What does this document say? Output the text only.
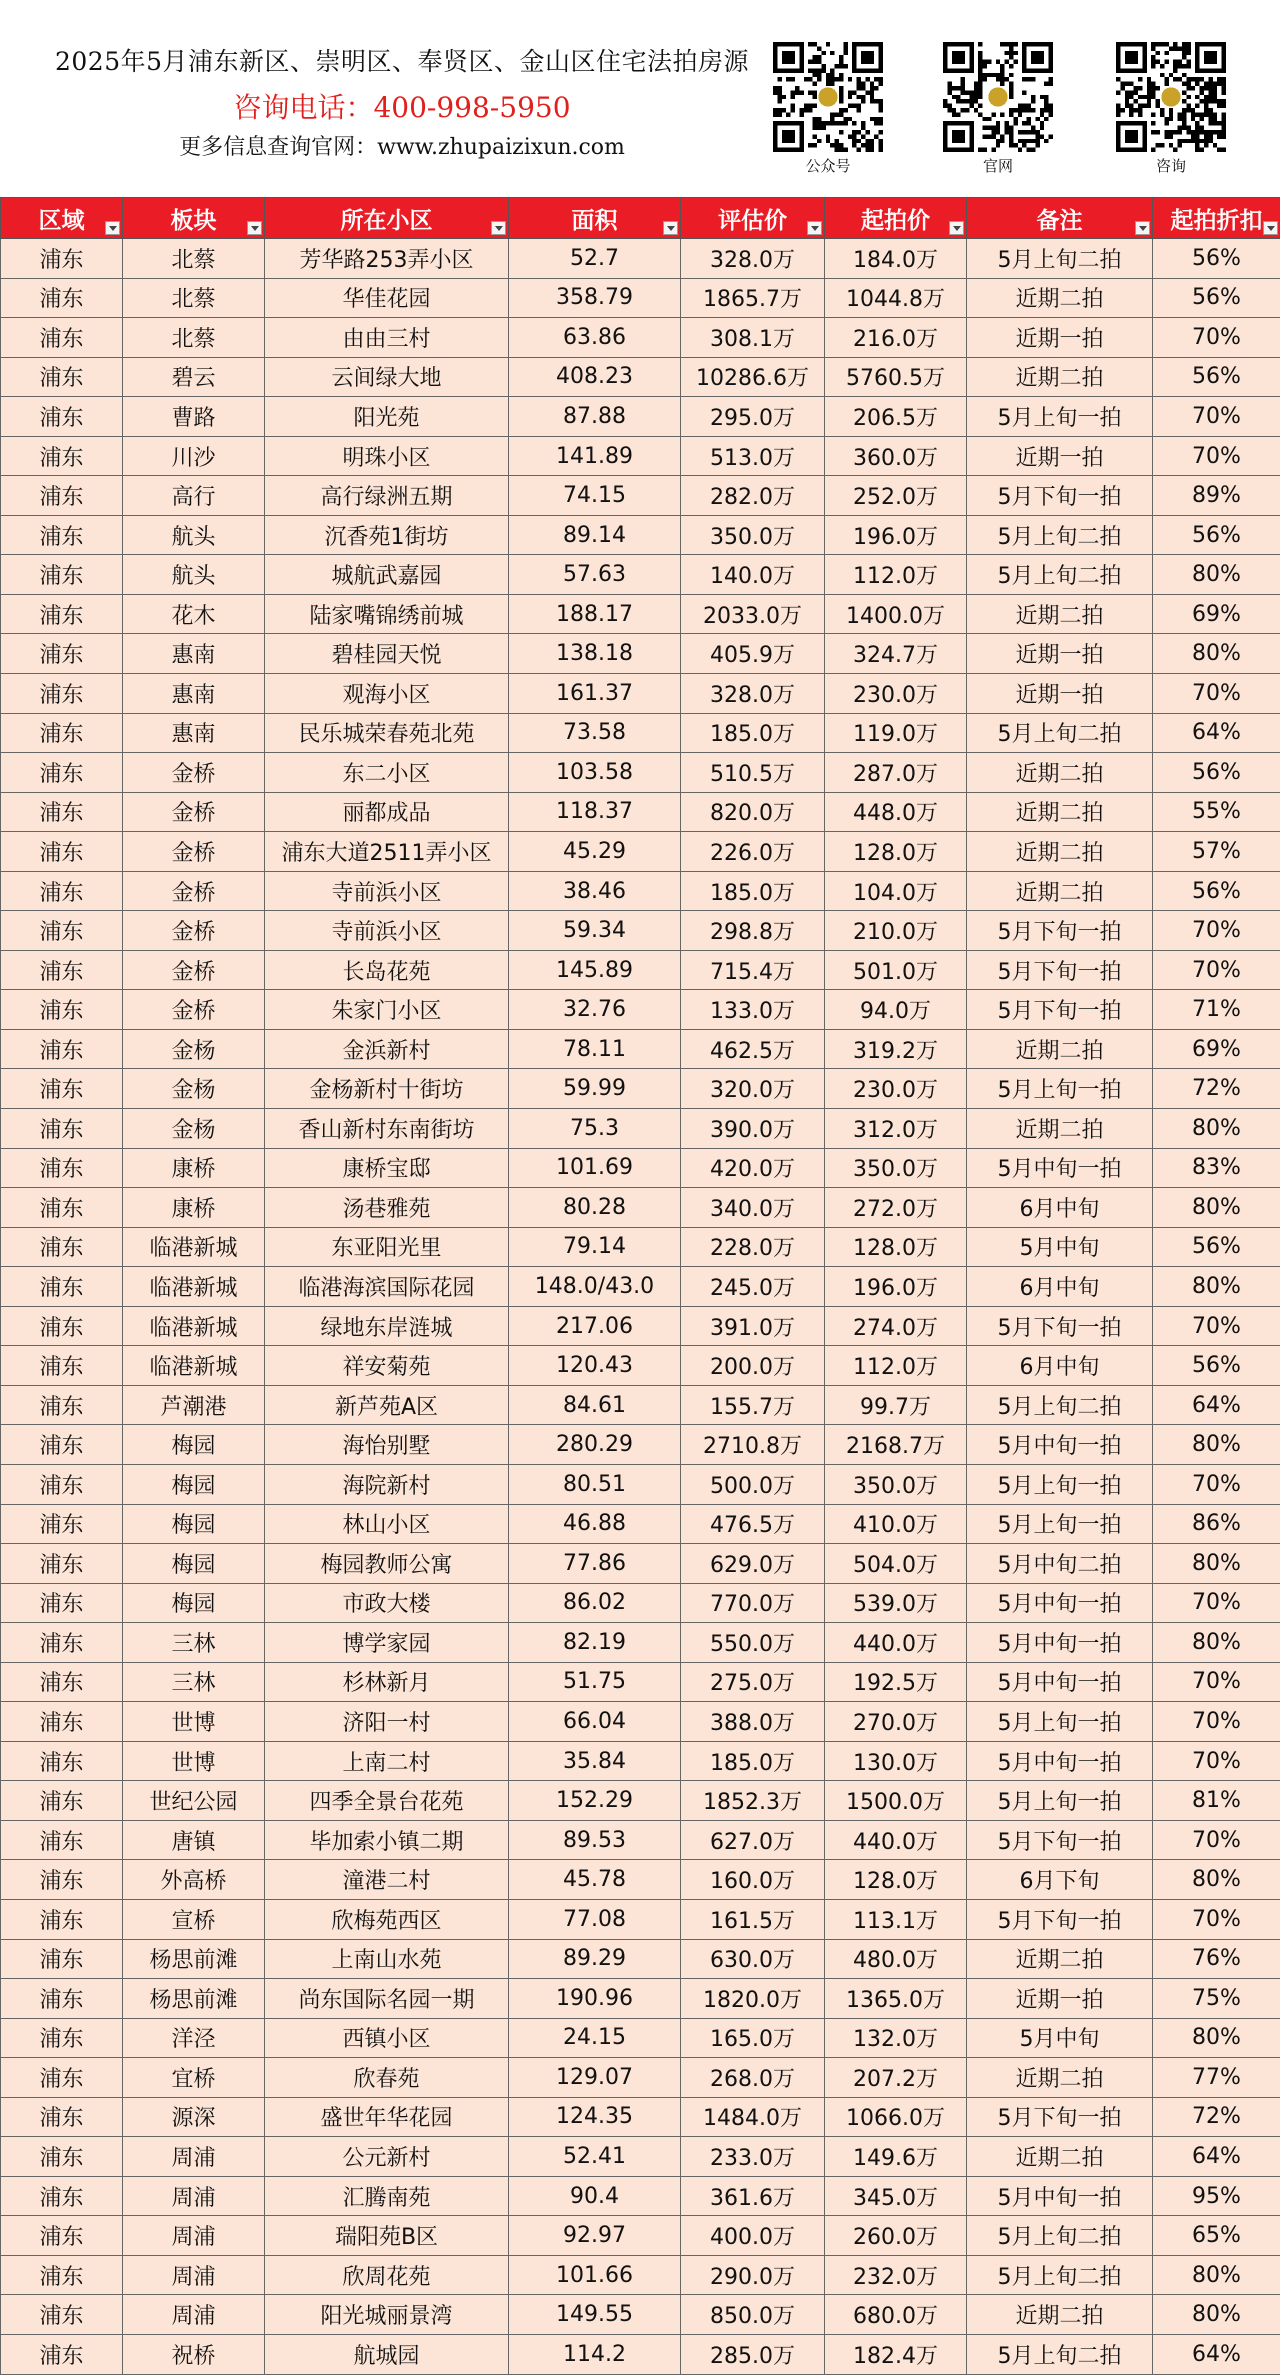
2025年5月浦东新区、崇明区、奉贤区、金山区住宅法拍房源
咨询电话：400-998-5950
更多信息查询官网：www.zhupaizixun.com
公众号	官网	咨询
区域	板块	所在小区	面积	评估价	起拍价	备注	起拍折扣

浦东	北蔡	芳华路253弄小区	52.7	328.0万	184.0万	5月上旬二拍	56%
浦东	北蔡	华佳花园	358.79	1865.7万	1044.8万	近期二拍	56%
浦东	北蔡	由由三村	63.86	308.1万	216.0万	近期一拍	70%
浦东	碧云	云间绿大地	408.23	10286.6万	5760.5万	近期二拍	56%
浦东	曹路	阳光苑	87.88	295.0万	206.5万	5月上旬一拍	70%
浦东	川沙	明珠小区	141.89	513.0万	360.0万	近期一拍	70%
浦东	高行	高行绿洲五期	74.15	282.0万	252.0万	5月下旬一拍	89%
浦东	航头	沉香苑1街坊	89.14	350.0万	196.0万	5月上旬二拍	56%
浦东	航头	城航武嘉园	57.63	140.0万	112.0万	5月上旬二拍	80%
浦东	花木	陆家嘴锦绣前城	188.17	2033.0万	1400.0万	近期二拍	69%
浦东	惠南	碧桂园天悦	138.18	405.9万	324.7万	近期一拍	80%
浦东	惠南	观海小区	161.37	328.0万	230.0万	近期一拍	70%
浦东	惠南	民乐城荣春苑北苑	73.58	185.0万	119.0万	5月上旬二拍	64%
浦东	金桥	东二小区	103.58	510.5万	287.0万	近期二拍	56%
浦东	金桥	丽都成品	118.37	820.0万	448.0万	近期二拍	55%
浦东	金桥	浦东大道2511弄小区	45.29	226.0万	128.0万	近期二拍	57%
浦东	金桥	寺前浜小区	38.46	185.0万	104.0万	近期二拍	56%
浦东	金桥	寺前浜小区	59.34	298.8万	210.0万	5月下旬一拍	70%
浦东	金桥	长岛花苑	145.89	715.4万	501.0万	5月下旬一拍	70%
浦东	金桥	朱家门小区	32.76	133.0万	94.0万	5月下旬一拍	71%
浦东	金杨	金浜新村	78.11	462.5万	319.2万	近期二拍	69%
浦东	金杨	金杨新村十街坊	59.99	320.0万	230.0万	5月上旬一拍	72%
浦东	金杨	香山新村东南街坊	75.3	390.0万	312.0万	近期二拍	80%
浦东	康桥	康桥宝邸	101.69	420.0万	350.0万	5月中旬一拍	83%
浦东	康桥	汤巷雅苑	80.28	340.0万	272.0万	6月中旬	80%
浦东	临港新城	东亚阳光里	79.14	228.0万	128.0万	5月中旬	56%
浦东	临港新城	临港海滨国际花园	148.0/43.0	245.0万	196.0万	6月中旬	80%
浦东	临港新城	绿地东岸涟城	217.06	391.0万	274.0万	5月下旬一拍	70%
浦东	临港新城	祥安菊苑	120.43	200.0万	112.0万	6月中旬	56%
浦东	芦潮港	新芦苑A区	84.61	155.7万	99.7万	5月上旬二拍	64%
浦东	梅园	海怡别墅	280.29	2710.8万	2168.7万	5月中旬一拍	80%
浦东	梅园	海院新村	80.51	500.0万	350.0万	5月上旬一拍	70%
浦东	梅园	林山小区	46.88	476.5万	410.0万	5月上旬一拍	86%
浦东	梅园	梅园教师公寓	77.86	629.0万	504.0万	5月中旬二拍	80%
浦东	梅园	市政大楼	86.02	770.0万	539.0万	5月中旬一拍	70%
浦东	三林	博学家园	82.19	550.0万	440.0万	5月中旬一拍	80%
浦东	三林	杉林新月	51.75	275.0万	192.5万	5月中旬一拍	70%
浦东	世博	济阳一村	66.04	388.0万	270.0万	5月上旬一拍	70%
浦东	世博	上南二村	35.84	185.0万	130.0万	5月中旬一拍	70%
浦东	世纪公园	四季全景台花苑	152.29	1852.3万	1500.0万	5月上旬一拍	81%
浦东	唐镇	毕加索小镇二期	89.53	627.0万	440.0万	5月下旬一拍	70%
浦东	外高桥	潼港二村	45.78	160.0万	128.0万	6月下旬	80%
浦东	宣桥	欣梅苑西区	77.08	161.5万	113.1万	5月下旬一拍	70%
浦东	杨思前滩	上南山水苑	89.29	630.0万	480.0万	近期二拍	76%
浦东	杨思前滩	尚东国际名园一期	190.96	1820.0万	1365.0万	近期一拍	75%
浦东	洋泾	西镇小区	24.15	165.0万	132.0万	5月中旬	80%
浦东	宜桥	欣春苑	129.07	268.0万	207.2万	近期二拍	77%
浦东	源深	盛世年华花园	124.35	1484.0万	1066.0万	5月下旬一拍	72%
浦东	周浦	公元新村	52.41	233.0万	149.6万	近期二拍	64%
浦东	周浦	汇腾南苑	90.4	361.6万	345.0万	5月中旬一拍	95%
浦东	周浦	瑞阳苑B区	92.97	400.0万	260.0万	5月上旬二拍	65%
浦东	周浦	欣周花苑	101.66	290.0万	232.0万	5月上旬二拍	80%
浦东	周浦	阳光城丽景湾	149.55	850.0万	680.0万	近期二拍	80%
浦东	祝桥	航城园	114.2	285.0万	182.4万	5月上旬二拍	64%
